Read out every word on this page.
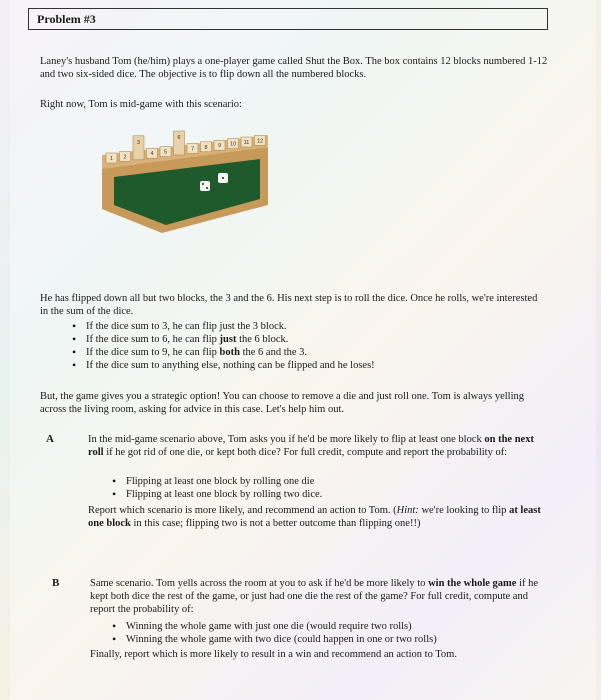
Problem #3
Laney's husband Tom (he/him) plays a one-player game called Shut the Box. The box contains 12 blocks numbered 1-12 and two six-sided dice. The objective is to flip down all the numbered blocks.
Right now, Tom is mid-game with this scenario:
1 2
3
4 5
6
7 8 9 10 11 12
He has flipped down all but two blocks, the 3 and the 6. His next step is to roll the dice. Once he rolls, we're interested in the sum of the dice.
• If the dice sum to 3, he can flip just the 3 block.
• If the dice sum to 6, he can flip just the 6 block.
• If the dice sum to 9, he can flip both the 6 and the 3.
• If the dice sum to anything else, nothing can be flipped and he loses!
But, the game gives you a strategic option! You can choose to remove a die and just roll one. Tom is always yelling across the living room, asking for advice in this case. Let's help him out.
A	In the mid-game scenario above, Tom asks you if he'd be more likely to flip at least one block on the next roll if he got rid of one die, or kept both dice? For full credit, compute and report the probability of:
• Flipping at least one block by rolling one die
• Flipping at least one block by rolling two dice.
Report which scenario is more likely, and recommend an action to Tom. (Hint: we're looking to flip at least one block in this case; flipping two is not a better outcome than flipping one!!)
B	Same scenario. Tom yells across the room at you to ask if he'd be more likely to win the whole game if he kept both dice the rest of the game, or just had one die the rest of the game? For full credit, compute and report the probability of:
• Winning the whole game with just one die (would require two rolls)
• Winning the whole game with two dice (could happen in one or two rolls)
Finally, report which is more likely to result in a win and recommend an action to Tom.
